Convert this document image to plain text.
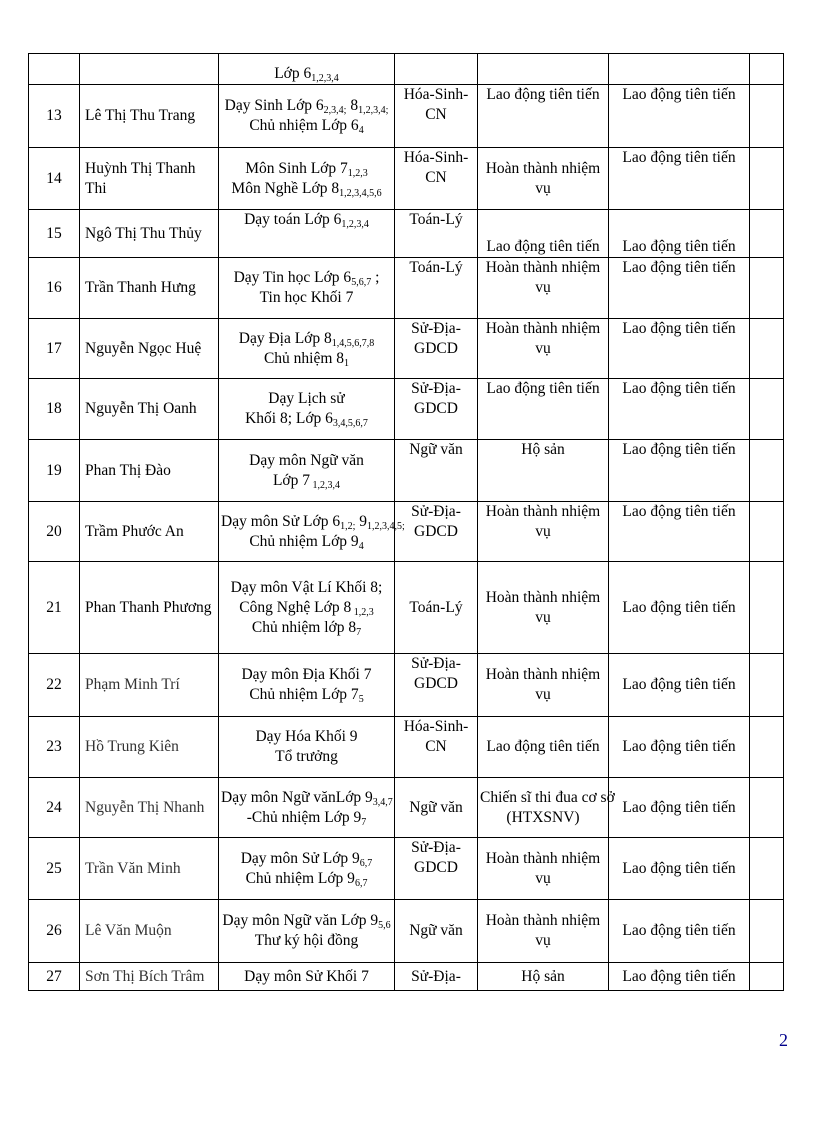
		Lớp $6_{1,2,3,4}$

13	Lê Thị Thu Trang	Dạy Sinh Lớp $6_{2,3,4;}$ $8_{1,2,3,4;}$
Chủ nhiệm Lớp $6_4$	Hóa-Sinh-
CN	Lao động tiên tiến	Lao động tiên tiến	
14	Huỳnh Thị Thanh Thi	Môn Sinh Lớp $7_{1,2,3}$
Môn Nghề Lớp $8_{1,2,3,4,5,6}$	Hóa-Sinh-
CN	Hoàn thành nhiệm vụ	Lao động tiên tiến	
15	Ngô Thị Thu Thủy	Dạy toán Lớp $6_{1,2,3,4}$	Toán-Lý	Lao động tiên tiến	Lao động tiên tiến	
16	Trần Thanh Hưng	Dạy Tin học Lớp $6_{5,6,7}$ ;
Tin học Khối 7	Toán-Lý	Hoàn thành nhiệm vụ	Lao động tiên tiến	
17	Nguyễn Ngọc Huệ	Dạy Địa Lớp $8_{1,4,5,6,7,8}$
Chủ nhiệm $8_1$	Sử-Địa-
GDCD	Hoàn thành nhiệm vụ	Lao động tiên tiến	
18	Nguyễn Thị Oanh	Dạy Lịch sử
Khối 8; Lớp $6_{3,4,5,6,7}$	Sử-Địa-
GDCD	Lao động tiên tiến	Lao động tiên tiến	
19	Phan Thị Đào	Dạy môn Ngữ văn
Lớp 7 $_{1,2,3,4}$	Ngữ văn	Hộ sản	Lao động tiên tiến	
20	Trầm Phước An	Dạy môn Sử Lớp $6_{1,2;}$ $9_{1,2,3,4,5;}$
Chủ nhiệm Lớp $9_4$	Sử-Địa-
GDCD	Hoàn thành nhiệm vụ	Lao động tiên tiến	
21	Phan Thanh Phương	Dạy môn Vật Lí Khối 8;
Công Nghệ Lớp 8 $_{1,2,3}$
Chủ nhiệm lớp $8_7$	Toán-Lý	Hoàn thành nhiệm vụ	Lao động tiên tiến	
22	Phạm Minh Trí	Dạy môn Địa Khối 7
Chủ nhiệm Lớp $7_5$	Sử-Địa-
GDCD	Hoàn thành nhiệm vụ	Lao động tiên tiến	
23	Hồ Trung Kiên	Dạy Hóa Khối 9
Tổ trưởng	Hóa-Sinh-
CN	Lao động tiên tiến	Lao động tiên tiến	
24	Nguyễn Thị Nhanh	Dạy môn Ngữ vănLớp $9_{3,4,7}$
-Chủ nhiệm Lớp $9_7$	Ngữ văn	Chiến sĩ thi đua cơ sở
(HTXSNV)	Lao động tiên tiến	
25	Trần Văn Minh	Dạy môn Sử Lớp $9_{6,7}$
Chủ nhiệm Lớp $9_{6,7}$	Sử-Địa-
GDCD	Hoàn thành nhiệm vụ	Lao động tiên tiến	
26	Lê Văn Muộn	Dạy môn Ngữ văn Lớp $9_{5,6}$
Thư ký hội đồng	Ngữ văn	Hoàn thành nhiệm vụ	Lao động tiên tiến	
27	Sơn Thị Bích Trâm	Dạy môn Sử Khối 7	Sử-Địa-	Hộ sản	Lao động tiên tiến	
2
